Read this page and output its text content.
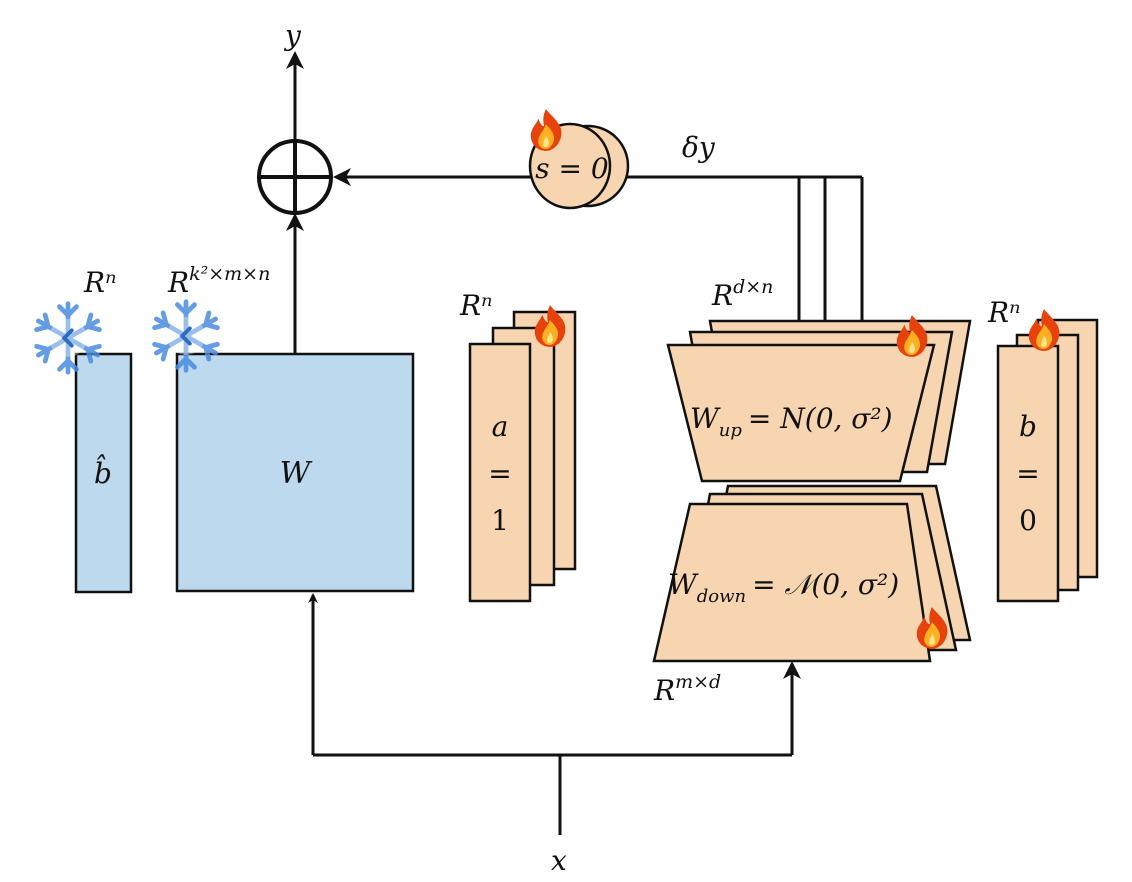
y
δy
s = 0
b̂
Rⁿ
W
$R^{k^2\times m\times n}$
a
=
1
Rⁿ
$W_{up} = N(0$, σ²)
$R^{d\times n}$
$W_{down}$ = 𝒩(0, σ²)
$R^{m\times d}$
b
=
0
Rⁿ
x
